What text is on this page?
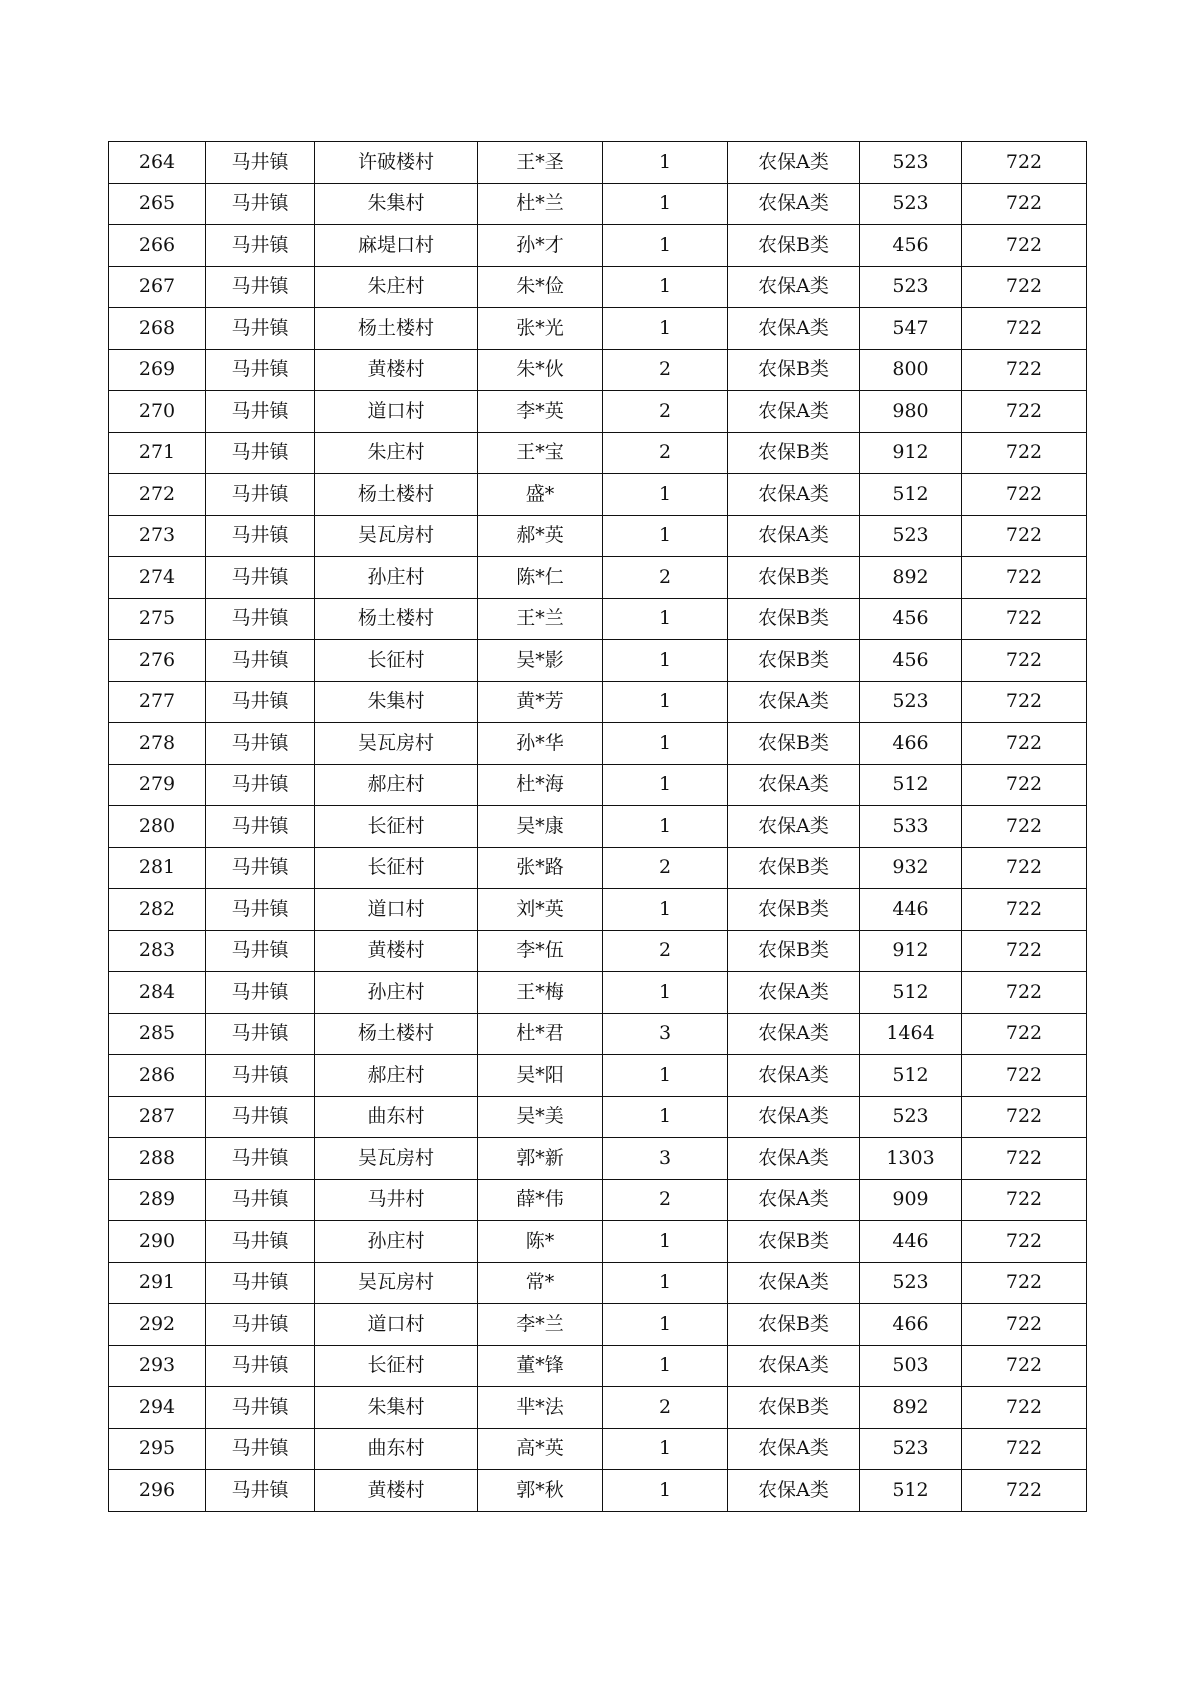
264	马井镇	许破楼村	王*圣	1	农保A类	523	722
265	马井镇	朱集村	杜*兰	1	农保A类	523	722
266	马井镇	麻堤口村	孙*才	1	农保B类	456	722
267	马井镇	朱庄村	朱*俭	1	农保A类	523	722
268	马井镇	杨土楼村	张*光	1	农保A类	547	722
269	马井镇	黄楼村	朱*伙	2	农保B类	800	722
270	马井镇	道口村	李*英	2	农保A类	980	722
271	马井镇	朱庄村	王*宝	2	农保B类	912	722
272	马井镇	杨土楼村	盛*	1	农保A类	512	722
273	马井镇	吴瓦房村	郝*英	1	农保A类	523	722
274	马井镇	孙庄村	陈*仁	2	农保B类	892	722
275	马井镇	杨土楼村	王*兰	1	农保B类	456	722
276	马井镇	长征村	吴*影	1	农保B类	456	722
277	马井镇	朱集村	黄*芳	1	农保A类	523	722
278	马井镇	吴瓦房村	孙*华	1	农保B类	466	722
279	马井镇	郝庄村	杜*海	1	农保A类	512	722
280	马井镇	长征村	吴*康	1	农保A类	533	722
281	马井镇	长征村	张*路	2	农保B类	932	722
282	马井镇	道口村	刘*英	1	农保B类	446	722
283	马井镇	黄楼村	李*伍	2	农保B类	912	722
284	马井镇	孙庄村	王*梅	1	农保A类	512	722
285	马井镇	杨土楼村	杜*君	3	农保A类	1464	722
286	马井镇	郝庄村	吴*阳	1	农保A类	512	722
287	马井镇	曲东村	吴*美	1	农保A类	523	722
288	马井镇	吴瓦房村	郭*新	3	农保A类	1303	722
289	马井镇	马井村	薛*伟	2	农保A类	909	722
290	马井镇	孙庄村	陈*	1	农保B类	446	722
291	马井镇	吴瓦房村	常*	1	农保A类	523	722
292	马井镇	道口村	李*兰	1	农保B类	466	722
293	马井镇	长征村	董*锋	1	农保A类	503	722
294	马井镇	朱集村	芈*法	2	农保B类	892	722
295	马井镇	曲东村	高*英	1	农保A类	523	722
296	马井镇	黄楼村	郭*秋	1	农保A类	512	722
